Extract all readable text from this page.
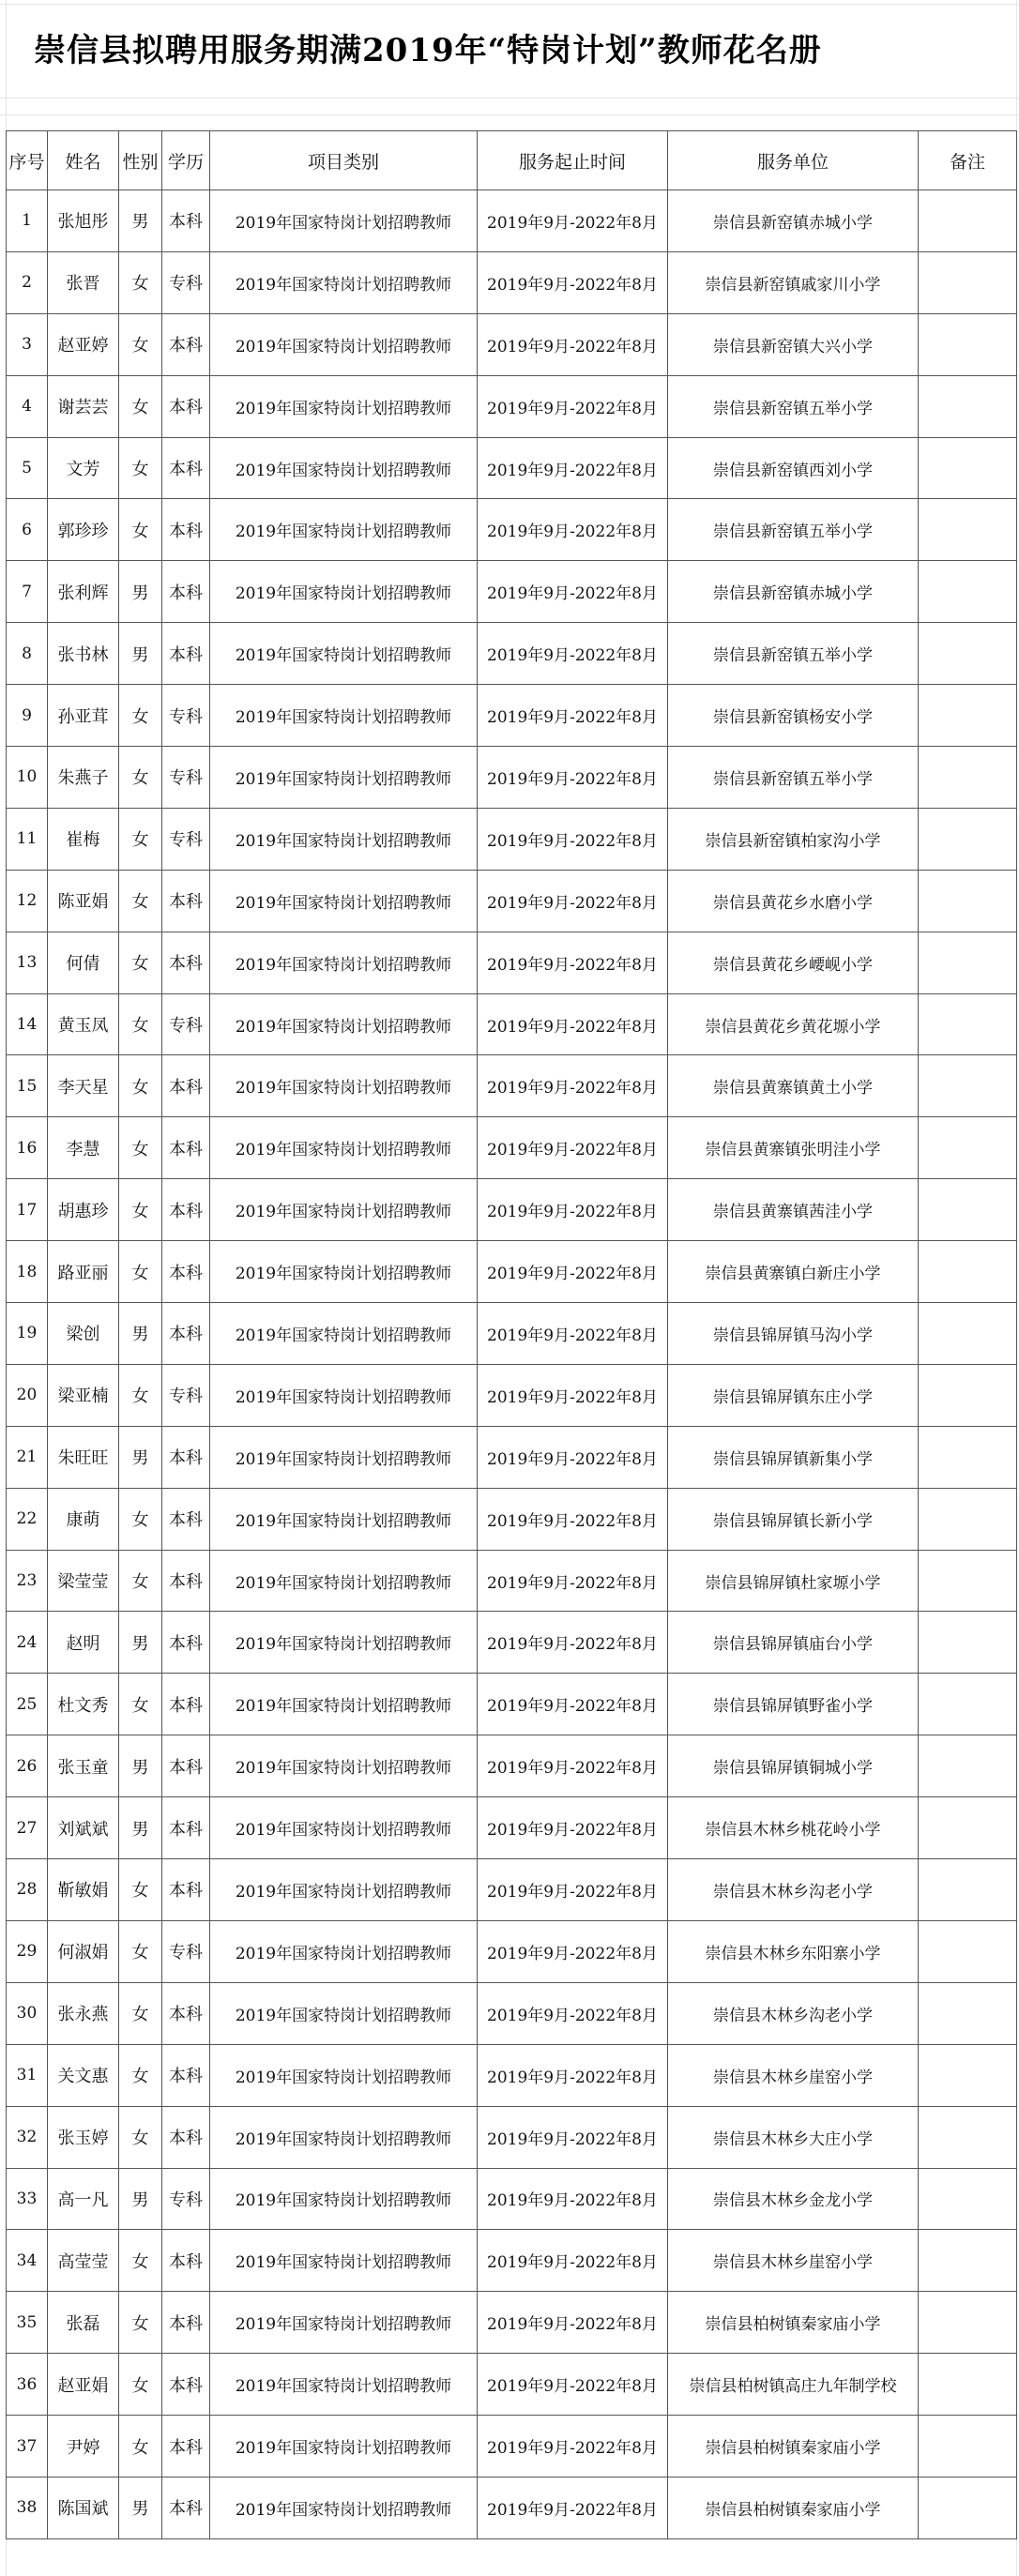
崇信县拟聘用服务期满2019年“特岗计划”教师花名册
序号	姓名	性别	学历	项目类别	服务起止时间	服务单位	备注
1	张旭彤	男	本科	2019年国家特岗计划招聘教师	2019年9月-2022年8月	崇信县新窑镇赤城小学	
2	张晋	女	专科	2019年国家特岗计划招聘教师	2019年9月-2022年8月	崇信县新窑镇戚家川小学	
3	赵亚婷	女	本科	2019年国家特岗计划招聘教师	2019年9月-2022年8月	崇信县新窑镇大兴小学	
4	谢芸芸	女	本科	2019年国家特岗计划招聘教师	2019年9月-2022年8月	崇信县新窑镇五举小学	
5	文芳	女	本科	2019年国家特岗计划招聘教师	2019年9月-2022年8月	崇信县新窑镇西刘小学	
6	郭珍珍	女	本科	2019年国家特岗计划招聘教师	2019年9月-2022年8月	崇信县新窑镇五举小学	
7	张利辉	男	本科	2019年国家特岗计划招聘教师	2019年9月-2022年8月	崇信县新窑镇赤城小学	
8	张书林	男	本科	2019年国家特岗计划招聘教师	2019年9月-2022年8月	崇信县新窑镇五举小学	
9	孙亚茸	女	专科	2019年国家特岗计划招聘教师	2019年9月-2022年8月	崇信县新窑镇杨安小学	
10	朱燕子	女	专科	2019年国家特岗计划招聘教师	2019年9月-2022年8月	崇信县新窑镇五举小学	
11	崔梅	女	专科	2019年国家特岗计划招聘教师	2019年9月-2022年8月	崇信县新窑镇柏家沟小学	
12	陈亚娟	女	本科	2019年国家特岗计划招聘教师	2019年9月-2022年8月	崇信县黄花乡水磨小学	
13	何倩	女	本科	2019年国家特岗计划招聘教师	2019年9月-2022年8月	崇信县黄花乡崾岘小学	
14	黄玉凤	女	专科	2019年国家特岗计划招聘教师	2019年9月-2022年8月	崇信县黄花乡黄花塬小学	
15	李天星	女	本科	2019年国家特岗计划招聘教师	2019年9月-2022年8月	崇信县黄寨镇黄土小学	
16	李慧	女	本科	2019年国家特岗计划招聘教师	2019年9月-2022年8月	崇信县黄寨镇张明洼小学	
17	胡惠珍	女	本科	2019年国家特岗计划招聘教师	2019年9月-2022年8月	崇信县黄寨镇茜洼小学	
18	路亚丽	女	本科	2019年国家特岗计划招聘教师	2019年9月-2022年8月	崇信县黄寨镇白新庄小学	
19	梁创	男	本科	2019年国家特岗计划招聘教师	2019年9月-2022年8月	崇信县锦屏镇马沟小学	
20	梁亚楠	女	专科	2019年国家特岗计划招聘教师	2019年9月-2022年8月	崇信县锦屏镇东庄小学	
21	朱旺旺	男	本科	2019年国家特岗计划招聘教师	2019年9月-2022年8月	崇信县锦屏镇新集小学	
22	康萌	女	本科	2019年国家特岗计划招聘教师	2019年9月-2022年8月	崇信县锦屏镇长新小学	
23	梁莹莹	女	本科	2019年国家特岗计划招聘教师	2019年9月-2022年8月	崇信县锦屏镇杜家塬小学	
24	赵明	男	本科	2019年国家特岗计划招聘教师	2019年9月-2022年8月	崇信县锦屏镇庙台小学	
25	杜文秀	女	本科	2019年国家特岗计划招聘教师	2019年9月-2022年8月	崇信县锦屏镇野雀小学	
26	张玉童	男	本科	2019年国家特岗计划招聘教师	2019年9月-2022年8月	崇信县锦屏镇铜城小学	
27	刘斌斌	男	本科	2019年国家特岗计划招聘教师	2019年9月-2022年8月	崇信县木林乡桃花岭小学	
28	靳敏娟	女	本科	2019年国家特岗计划招聘教师	2019年9月-2022年8月	崇信县木林乡沟老小学	
29	何淑娟	女	专科	2019年国家特岗计划招聘教师	2019年9月-2022年8月	崇信县木林乡东阳寨小学	
30	张永燕	女	本科	2019年国家特岗计划招聘教师	2019年9月-2022年8月	崇信县木林乡沟老小学	
31	关文惠	女	本科	2019年国家特岗计划招聘教师	2019年9月-2022年8月	崇信县木林乡崖窑小学	
32	张玉婷	女	本科	2019年国家特岗计划招聘教师	2019年9月-2022年8月	崇信县木林乡大庄小学	
33	高一凡	男	专科	2019年国家特岗计划招聘教师	2019年9月-2022年8月	崇信县木林乡金龙小学	
34	高莹莹	女	本科	2019年国家特岗计划招聘教师	2019年9月-2022年8月	崇信县木林乡崖窑小学	
35	张磊	女	本科	2019年国家特岗计划招聘教师	2019年9月-2022年8月	崇信县柏树镇秦家庙小学	
36	赵亚娟	女	本科	2019年国家特岗计划招聘教师	2019年9月-2022年8月	崇信县柏树镇高庄九年制学校	
37	尹婷	女	本科	2019年国家特岗计划招聘教师	2019年9月-2022年8月	崇信县柏树镇秦家庙小学	
38	陈国斌	男	本科	2019年国家特岗计划招聘教师	2019年9月-2022年8月	崇信县柏树镇秦家庙小学	
